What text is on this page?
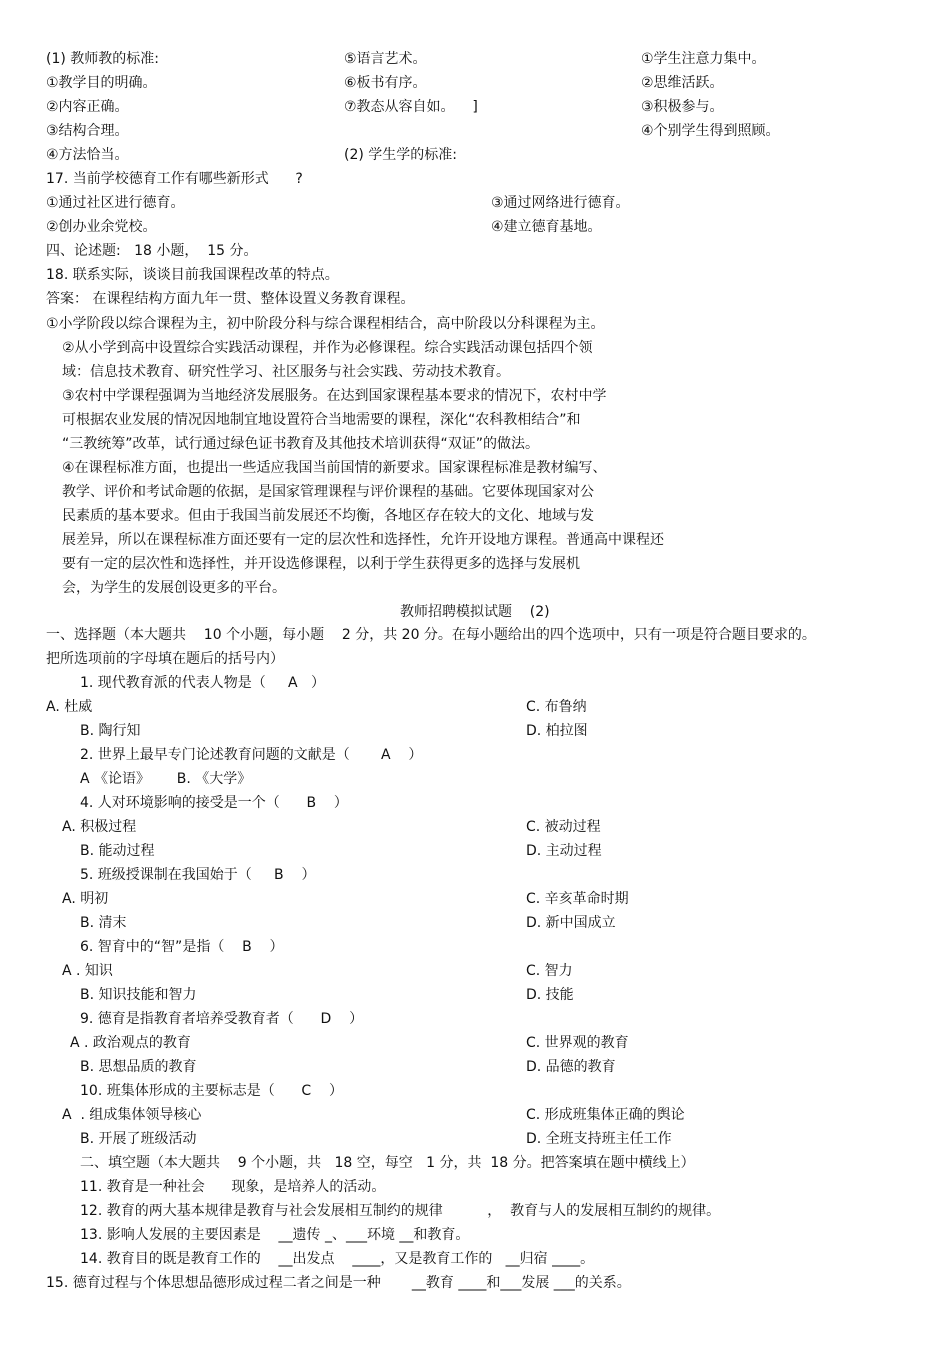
(1) 教师教的标准:
①教学目的明确。
②内容正确。
③结构合理。
④方法恰当。
⑤语言艺术。
⑥板书有序。
⑦教态从容自如。    ]
(2) 学生学的标准:
①学生注意力集中。
②思维活跃。
③积极参与。
④个别学生得到照顾。
17. 当前学校德育工作有哪些新形式      ?
①通过社区进行德育。
②创办业余党校。
③通过网络进行德育。
④建立德育基地。
四、论述题:   18 小题，  15 分。
18. 联系实际，谈谈目前我国课程改革的特点。
答案： 在课程结构方面九年一贯、整体设置义务教育课程。
①小学阶段以综合课程为主，初中阶段分科与综合课程相结合，高中阶段以分科课程为主。
②从小学到高中设置综合实践活动课程，并作为必修课程。综合实践活动课包括四个领
域：信息技术教育、研究性学习、社区服务与社会实践、劳动技术教育。
③农村中学课程强调为当地经济发展服务。在达到国家课程基本要求的情况下，农村中学
可根据农业发展的情况因地制宜地设置符合当地需要的课程，深化“农科教相结合”和
“三教统筹”改革，试行通过绿色证书教育及其他技术培训获得“双证”的做法。
④在课程标准方面，也提出一些适应我国当前国情的新要求。国家课程标准是教材编写、
教学、评价和考试命题的依据，是国家管理课程与评价课程的基础。它要体现国家对公
民素质的基本要求。但由于我国当前发展还不均衡，各地区存在较大的文化、地域与发
展差异，所以在课程标准方面还要有一定的层次性和选择性，允许开设地方课程。普通高中课程还
要有一定的层次性和选择性，并开设选修课程，以利于学生获得更多的选择与发展机
会，为学生的发展创设更多的平台。
教师招聘模拟试题    (2)
一、选择题（本大题共    10 个小题，每小题    2 分，共 20 分。在每小题给出的四个选项中，只有一项是符合题目要求的。
把所选项前的字母填在题后的括号内）
1. 现代教育派的代表人物是（     A   ）
A. 杜威
B. 陶行知
C. 布鲁纳
D. 柏拉图
2. 世界上最早专门论述教育问题的文献是（       A    ）
A 《论语》      B. 《大学》
4. 人对环境影响的接受是一个（      B    ）
A. 积极过程
B. 能动过程
C. 被动过程
D. 主动过程
5. 班级授课制在我国始于（     B    ）
A. 明初
B. 清末
C. 辛亥革命时期
D. 新中国成立
6. 智育中的“智”是指（    B    ）
A . 知识
B. 知识技能和智力
C. 智力
D. 技能
9. 德育是指教育者培养受教育者（      D    ）
A . 政治观点的教育
B. 思想品质的教育
C. 世界观的教育
D. 品德的教育
10. 班集体形成的主要标志是（      C    ）
A  . 组成集体领导核心
B. 开展了班级活动
C. 形成班集体正确的舆论
D. 全班支持班主任工作
二、填空题（本大题共    9 个小题，共   18 空，每空   1 分，共  18 分。把答案填在题中横线上）
11. 教育是一种社会      现象，是培养人的活动。
12. 教育的两大基本规律是教育与社会发展相互制约的规律          ，  教育与人的发展相互制约的规律。
13. 影响人发展的主要因素是    __遗传 _、___环境 __和教育。
14. 教育目的既是教育工作的    __出发点    ____，又是教育工作的   __归宿 ____。
15. 德育过程与个体思想品德形成过程二者之间是一种       __教育 ____和___发展 ___的关系。
